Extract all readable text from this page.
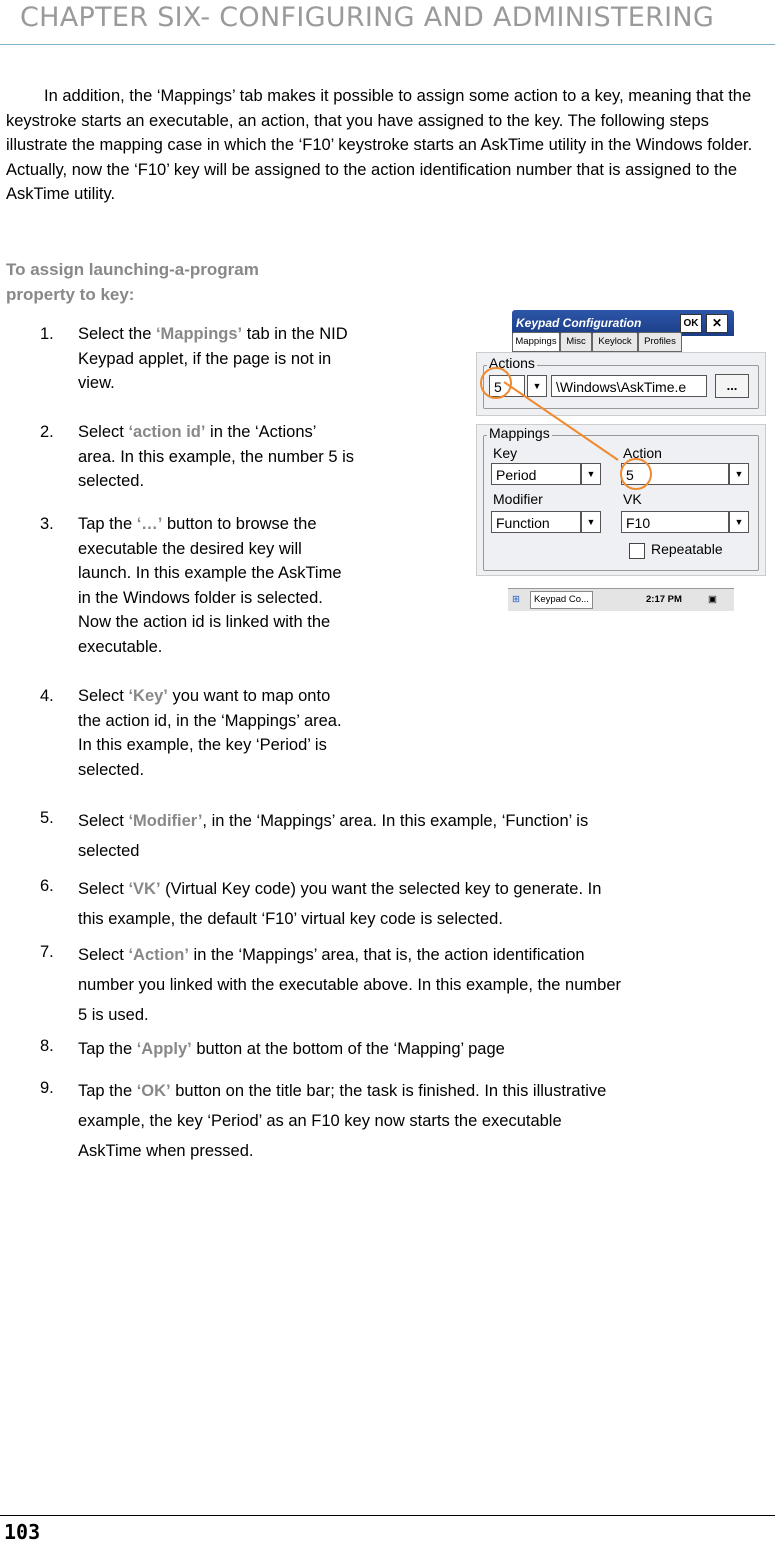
CHAPTER SIX- CONFIGURING AND ADMINISTERING
In addition, the ‘Mappings’ tab makes it possible to assign some action to a key, meaning that the keystroke starts an executable, an action, that you have assigned to the key. The following steps illustrate the mapping case in which the ‘F10’ keystroke starts an AskTime utility in the Windows folder. Actually, now the ‘F10’ key will be assigned to the action identification number that is assigned to the AskTime utility.
To assign launching-a-program
property to key:
1.	Select the ‘Mappings’ tab in the NID
Keypad applet, if the page is not in
view.
2.	Select ‘action id’ in the ‘Actions’
area. In this example, the number 5 is
selected.
3.	Tap the ‘…’ button to browse the
executable the desired key will
launch. In this example the AskTime
in the Windows folder is selected.
Now the action id is linked with the
executable.
4.	Select ‘Key’ you want to map onto
the action id, in the ‘Mappings’ area.
In this example, the key ‘Period’ is
selected.
5.	Select ‘Modifier’, in the ‘Mappings’ area. In this example, ‘Function’ is
selected
6.	Select ‘VK’ (Virtual Key code) you want the selected key to generate. In
this example, the default ‘F10’ virtual key code is selected.
7.	Select ‘Action’ in the ‘Mappings’ area, that is, the action identification
number you linked with the executable above. In this example, the number
5 is used.
8.	Tap the ‘Apply’ button at the bottom of the ‘Mapping’ page
9.	Tap the ‘OK’ button on the title bar; the task is finished. In this illustrative
example, the key ‘Period’ as an F10 key now starts the executable
AskTime when pressed.
Keypad Configuration	OK	✕
Mappings	Misc	Keylock	Profiles
Actions
5	▼	\Windows\AskTime.e	...
Mappings
Key
Period	▼
Action
5	▼
Modifier
Function	▼
VK
F10	▼
Repeatable
⊞	Keypad Co...	2:17 PM	▣
103
